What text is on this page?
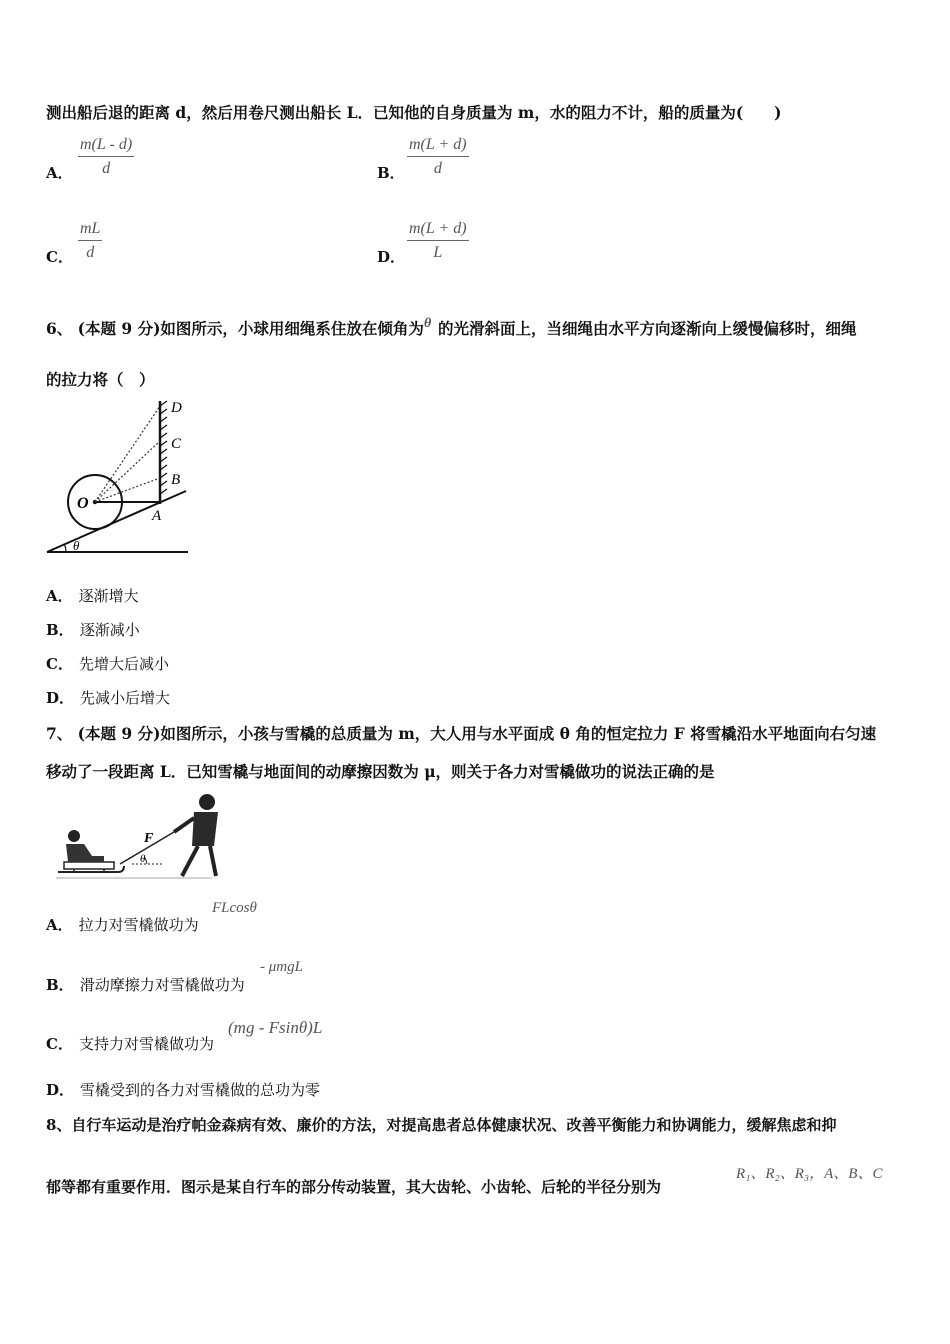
测出船后退的距离 d，然后用卷尺测出船长 L．已知他的自身质量为 m，水的阻力不计，船的质量为(　　)
A． $\frac{m(L - d)}{d}$	B． $\frac{m(L + d)}{d}$
C． $\frac{mL}{d}$	D． $\frac{m(L + d)}{L}$
6、 (本题 9 分)如图所示，小球用细绳系住放在倾角为 θ 的光滑斜面上，当细绳由水平方向逐渐向上缓慢偏移时，细绳
的拉力将（　）
D
C
B
A
O
θ
A． 逐渐增大
B． 逐渐减小
C． 先增大后减小
D． 先减小后增大
7、 (本题 9 分)如图所示，小孩与雪橇的总质量为 m，大人用与水平面成 θ 角的恒定拉力 F 将雪橇沿水平地面向右匀速
移动了一段距离 L．已知雪橇与地面间的动摩擦因数为 μ，则关于各力对雪橇做功的说法正确的是
F
θ
A． 拉力对雪橇做功为
FLcosθ
B． 滑动摩擦力对雪橇做功为
- μmgL
C． 支持力对雪橇做功为
(mg - Fsinθ)L
D． 雪橇受到的各力对雪橇做的总功为零
8、自行车运动是治疗帕金森病有效、廉价的方法，对提高患者总体健康状况、改善平衡能力和协调能力，缓解焦虑和抑
郁等都有重要作用．图示是某自行车的部分传动装置，其大齿轮、小齿轮、后轮的半径分别为
R₁、R₂、R₃，A、B、C
